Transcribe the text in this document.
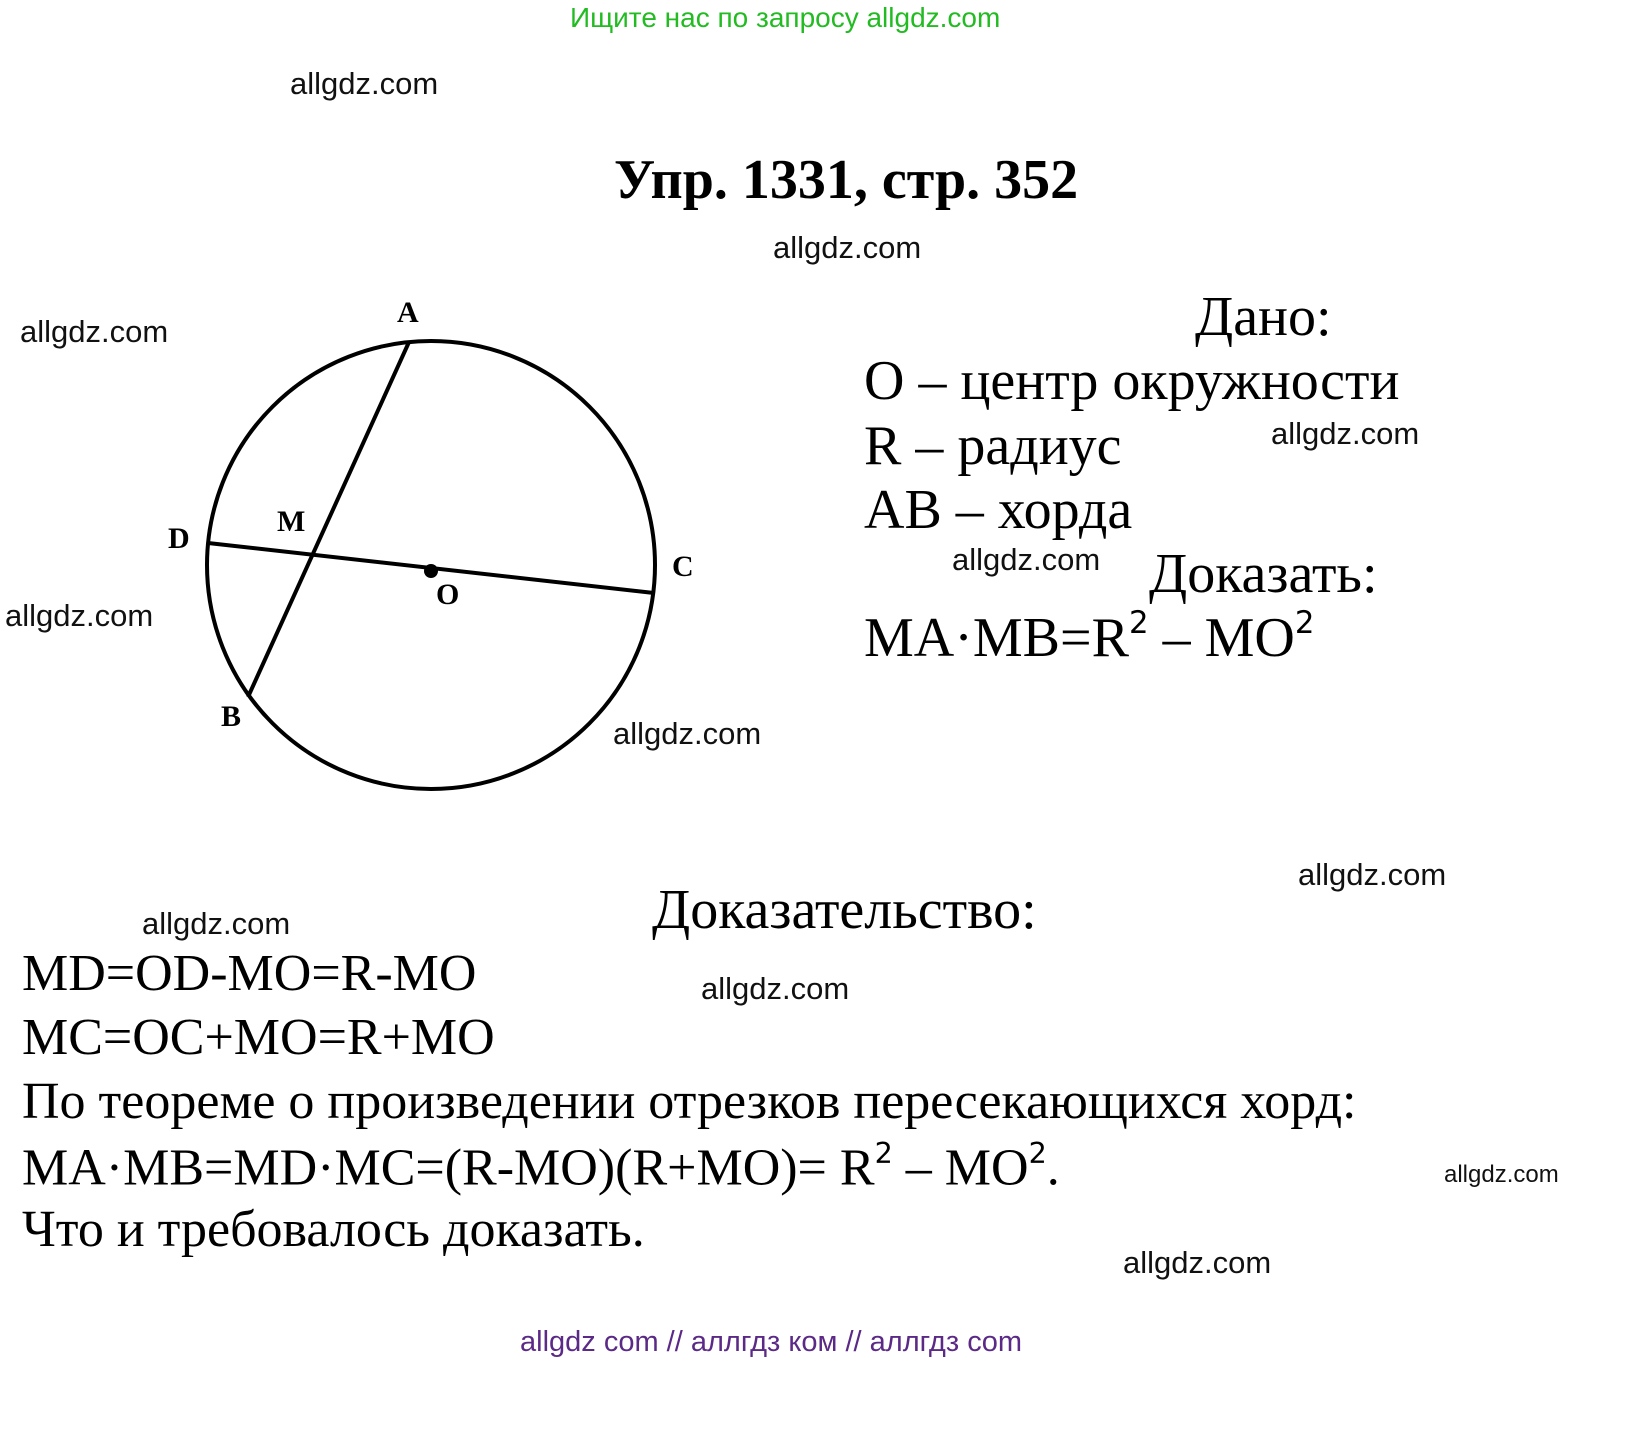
Ищите нас по запросу allgdz.com
allgdz.com
allgdz.com
allgdz.com
allgdz.com
allgdz.com
allgdz.com
allgdz.com
allgdz.com
allgdz.com
allgdz.com
allgdz.com
allgdz.com
allgdz com // аллгдз ком // аллгдз com
Упр. 1331, стр. 352
A
B
C
D
M
O
Дано:
O – центр окружности
R – радиус
AB – хорда
Доказать:
$MA\cdot MB=R^2 - MO^2$
Доказательство:
MD=OD-MO=R-MO
MC=OC+MO=R+MO
По теореме о произведении отрезков пересекающихся хорд:
$MA\cdot MB=MD\cdot MC=(R-MO)(R+MO)= R^2 - MO^2$.
Что и требовалось доказать.
